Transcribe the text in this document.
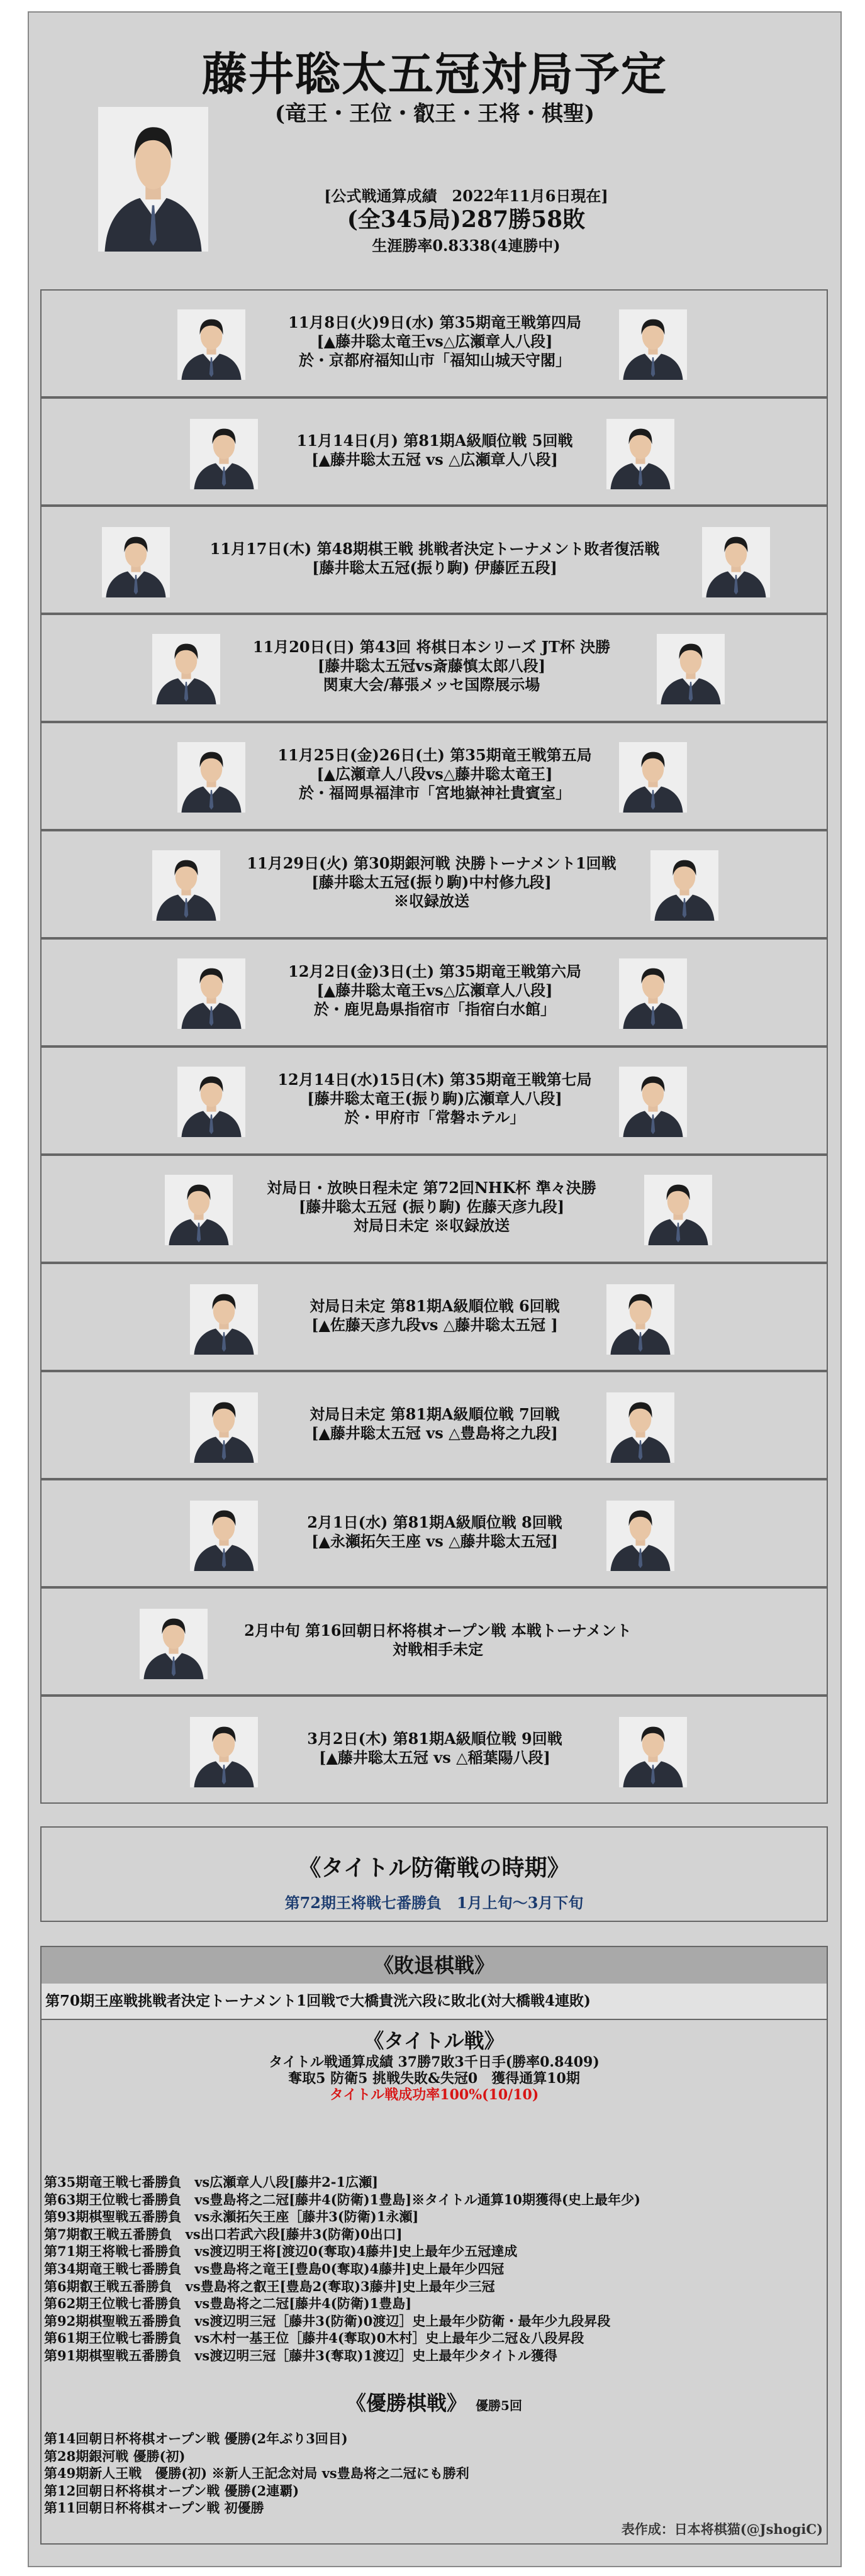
藤井聡太五冠対局予定
(竜王・王位・叡王・王将・棋聖)
[公式戦通算成績　2022年11月6日現在]
(全345局)287勝58敗
生涯勝率0.8338(4連勝中)
11月8日(火)9日(水) 第35期竜王戦第四局
[▲藤井聡太竜王vs△広瀬章人八段]
於・京都府福知山市「福知山城天守閣」
11月14日(月) 第81期A級順位戦 5回戦
[▲藤井聡太五冠 vs △広瀬章人八段]
11月17日(木) 第48期棋王戦 挑戦者決定トーナメント敗者復活戦
[藤井聡太五冠(振り駒) 伊藤匠五段]
11月20日(日) 第43回 将棋日本シリーズ JT杯 決勝
[藤井聡太五冠vs斎藤慎太郎八段]
関東大会/幕張メッセ国際展示場
11月25日(金)26日(土) 第35期竜王戦第五局
[▲広瀬章人八段vs△藤井聡太竜王]
於・福岡県福津市「宮地嶽神社貴賓室」
11月29日(火) 第30期銀河戦 決勝トーナメント1回戦
[藤井聡太五冠(振り駒)中村修九段]
※収録放送
12月2日(金)3日(土) 第35期竜王戦第六局
[▲藤井聡太竜王vs△広瀬章人八段]
於・鹿児島県指宿市「指宿白水館」
12月14日(水)15日(木) 第35期竜王戦第七局
[藤井聡太竜王(振り駒)広瀬章人八段]
於・甲府市「常磐ホテル」
対局日・放映日程未定 第72回NHK杯 準々決勝
[藤井聡太五冠 (振り駒) 佐藤天彦九段]
対局日未定 ※収録放送
対局日未定 第81期A級順位戦 6回戦
[▲佐藤天彦九段vs △藤井聡太五冠 ]
対局日未定 第81期A級順位戦 7回戦
[▲藤井聡太五冠 vs △豊島将之九段]
2月1日(水) 第81期A級順位戦 8回戦
[▲永瀬拓矢王座 vs △藤井聡太五冠]
2月中旬 第16回朝日杯将棋オープン戦 本戦トーナメント
対戦相手未定
3月2日(木) 第81期A級順位戦 9回戦
[▲藤井聡太五冠 vs △稲葉陽八段]
《タイトル防衛戦の時期》
第72期王将戦七番勝負　1月上旬～3月下旬
《敗退棋戦》
第70期王座戦挑戦者決定トーナメント1回戦で大橋貴洸六段に敗北(対大橋戦4連敗)
《タイトル戦》
タイトル戦通算成績 37勝7敗3千日手(勝率0.8409)
奪取5 防衛5 挑戦失敗&失冠0　獲得通算10期
タイトル戦成功率100%(10/10)
第35期竜王戦七番勝負　vs広瀬章人八段[藤井2-1広瀬]
第63期王位戦七番勝負　vs豊島将之二冠[藤井4(防衛)1豊島]※タイトル通算10期獲得(史上最年少)
第93期棋聖戦五番勝負　vs永瀬拓矢王座［藤井3(防衛)1永瀬]
第7期叡王戦五番勝負　vs出口若武六段[藤井3(防衛)0出口]
第71期王将戦七番勝負　vs渡辺明王将[渡辺0(奪取)4藤井]史上最年少五冠達成
第34期竜王戦七番勝負　vs豊島将之竜王[豊島0(奪取)4藤井]史上最年少四冠
第6期叡王戦五番勝負　vs豊島将之叡王[豊島2(奪取)3藤井]史上最年少三冠
第62期王位戦七番勝負　vs豊島将之二冠[藤井4(防衛)1豊島]
第92期棋聖戦五番勝負　vs渡辺明三冠［藤井3(防衛)0渡辺］史上最年少防衛・最年少九段昇段
第61期王位戦七番勝負　vs木村一基王位［藤井4(奪取)0木村］史上最年少二冠＆八段昇段
第91期棋聖戦五番勝負　vs渡辺明三冠［藤井3(奪取)1渡辺］史上最年少タイトル獲得
《優勝棋戦》 優勝5回
第14回朝日杯将棋オープン戦 優勝(2年ぶり3回目)
第28期銀河戦 優勝(初)
第49期新人王戦　優勝(初) ※新人王記念対局 vs豊島将之二冠にも勝利
第12回朝日杯将棋オープン戦 優勝(2連覇)
第11回朝日杯将棋オープン戦 初優勝
表作成：日本将棋猫(@JshogiC)
